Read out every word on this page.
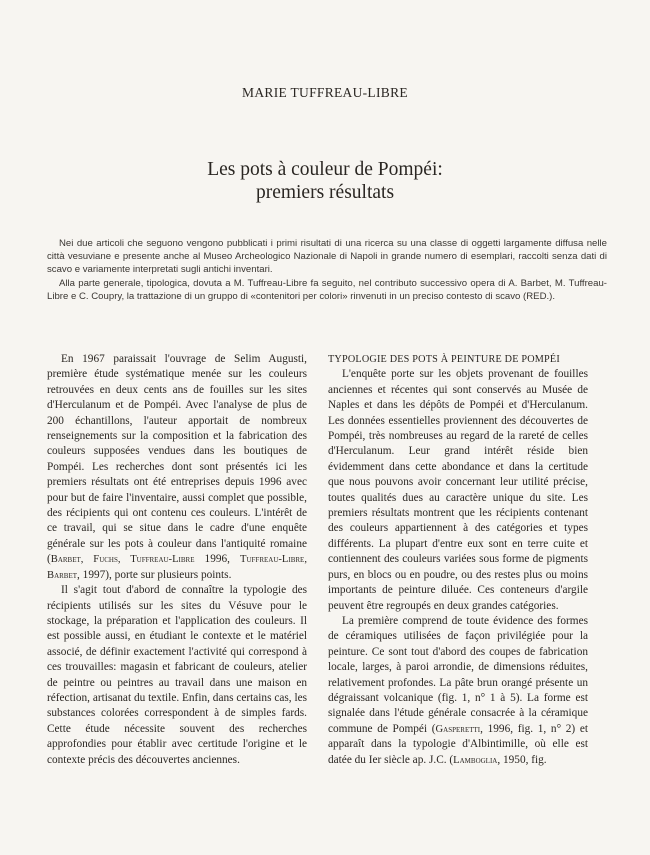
MARIE TUFFREAU-LIBRE
Les pots à couleur de Pompéi:
premiers résultats

Nei due articoli che seguono vengono pubblicati i primi risultati di una ricerca su una classe di oggetti largamente diffusa nelle città vesuviane e presente anche al Museo Archeologico Nazionale di Napoli in grande numero di esemplari, raccolti senza dati di scavo e variamente interpretati sugli antichi inventari.

Alla parte generale, tipologica, dovuta a M. Tuffreau-Libre fa seguito, nel contributo successivo opera di A. Barbet, M. Tuffreau-Libre e C. Coupry, la trattazione di un gruppo di «contenitori per colori» rinvenuti in un preciso contesto di scavo (RED.).

En 1967 paraissait l'ouvrage de Selim Augusti, première étude systématique menée sur les couleurs retrouvées en deux cents ans de fouilles sur les sites d'Herculanum et de Pompéi. Avec l'analyse de plus de 200 échantillons, l'auteur apportait de nombreux renseignements sur la composition et la fabrication des couleurs supposées vendues dans les boutiques de Pompéi. Les recherches dont sont présentés ici les premiers résultats ont été entreprises depuis 1996 avec pour but de faire l'inventaire, aussi complet que possible, des récipients qui ont contenu ces couleurs. L'intérêt de ce travail, qui se situe dans le cadre d'une enquête générale sur les pots à couleur dans l'antiquité romaine (Barbet, Fuchs, Tuffreau-Libre 1996, Tuffreau-Libre, Barbet, 1997), porte sur plusieurs points.

Il s'agit tout d'abord de connaître la typologie des récipients utilisés sur les sites du Vésuve pour le stockage, la préparation et l'application des couleurs. Il est possible aussi, en étudiant le contexte et le matériel associé, de définir exactement l'activité qui correspond à ces trouvailles: magasin et fabricant de couleurs, atelier de peintre ou peintres au travail dans une maison en réfection, artisanat du textile. Enfin, dans certains cas, les substances colorées correspondent à de simples fards. Cette étude nécessite souvent des recherches approfondies pour établir avec certitude l'origine et le contexte précis des découvertes anciennes.

TYPOLOGIE DES POTS À PEINTURE DE POMPÉI

L'enquête porte sur les objets provenant de fouilles anciennes et récentes qui sont conservés au Musée de Naples et dans les dépôts de Pompéi et d'Herculanum. Les données essentielles proviennent des découvertes de Pompéi, très nombreuses au regard de la rareté de celles d'Herculanum. Leur grand intérêt réside bien évidemment dans cette abondance et dans la certitude que nous pouvons avoir concernant leur utilité précise, toutes qualités dues au caractère unique du site. Les premiers résultats montrent que les récipients contenant des couleurs appartiennent à des catégories et types différents. La plupart d'entre eux sont en terre cuite et contiennent des couleurs variées sous forme de pigments purs, en blocs ou en poudre, ou des restes plus ou moins importants de peinture diluée. Ces conteneurs d'argile peuvent être regroupés en deux grandes catégories.

La première comprend de toute évidence des formes de céramiques utilisées de façon privilégiée pour la peinture. Ce sont tout d'abord des coupes de fabrication locale, larges, à paroi arrondie, de dimensions réduites, relativement profondes. La pâte brun orangé présente un dégraissant volcanique (fig. 1, n° 1 à 5). La forme est signalée dans l'étude générale consacrée à la céramique commune de Pompéi (Gasperetti, 1996, fig. 1, n° 2) et apparaît dans la typologie d'Albintimille, où elle est datée du Ier siècle ap. J.C. (Lamboglia, 1950, fig.
